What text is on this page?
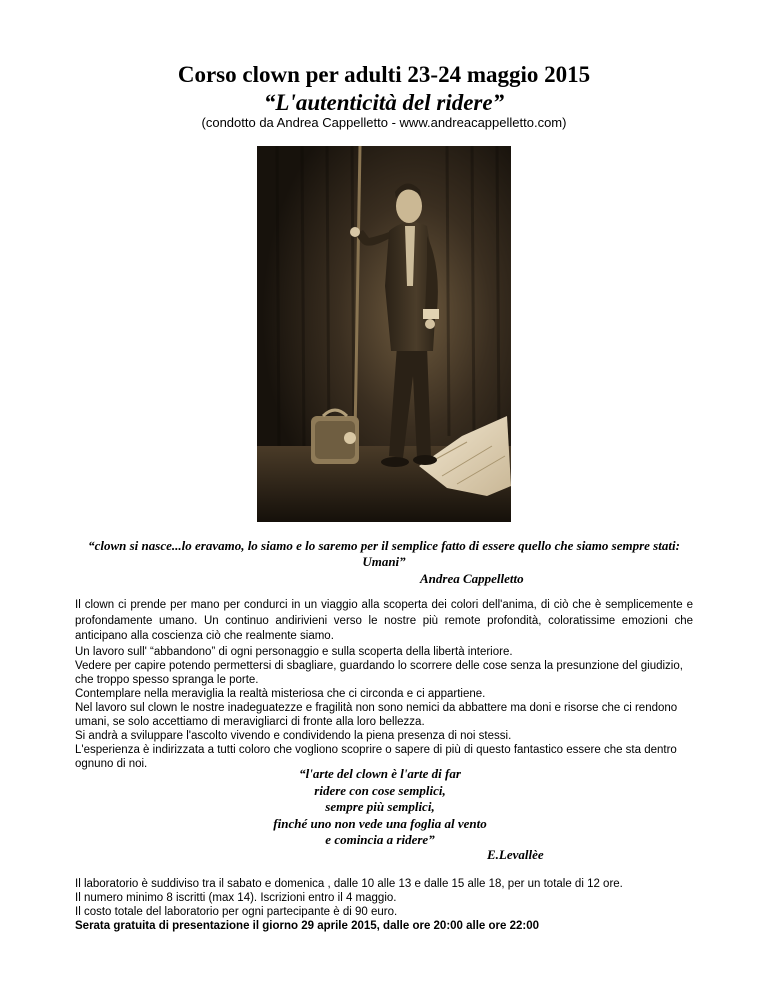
Corso clown per adulti 23-24 maggio 2015
“L'autenticità del ridere”
(condotto da Andrea Cappelletto - www.andreacappelletto.com)
“clown si nasce...lo eravamo, lo siamo e lo saremo per il semplice fatto di essere quello che siamo sempre stati: Umani”
Andrea Cappelletto

Il clown ci prende per mano per condurci in un viaggio alla scoperta dei colori dell'anima, di ciò che è semplicemente e profondamente umano. Un continuo andirivieni verso le nostre più remote profondità, coloratissime emozioni che anticipano alla coscienza ciò che realmente siamo.

Un lavoro sull' “abbandono” di ogni personaggio e sulla scoperta della libertà interiore.

Vedere per capire potendo permettersi di sbagliare, guardando lo scorrere delle cose senza la presunzione del giudizio, che troppo spesso spranga le porte.

Contemplare nella meraviglia la realtà misteriosa che ci circonda e ci appartiene.

Nel lavoro sul clown le nostre inadeguatezze e fragilità non sono nemici da abbattere ma doni e risorse che ci rendono umani, se solo accettiamo di meravigliarci di fronte alla loro bellezza.

Si andrà a sviluppare l'ascolto vivendo e condividendo la piena presenza di noi stessi.

L'esperienza è indirizzata a tutti coloro che vogliono scoprire o sapere di più di questo fantastico essere che sta dentro ognuno di noi.

“l'arte del clown è l'arte di far
ridere con cose semplici,
sempre più semplici,
finché uno non vede una foglia al vento
e comincia a ridere”
E.Levallèe

Il laboratorio è suddiviso tra il sabato e domenica , dalle 10 alle 13 e dalle 15 alle 18, per un totale di 12 ore.

Il numero minimo 8 iscritti (max 14). Iscrizioni entro il 4 maggio.

Il costo totale del laboratorio per ogni partecipante è di 90 euro.

Serata gratuita di presentazione il giorno 29 aprile 2015, dalle ore 20:00 alle ore 22:00
